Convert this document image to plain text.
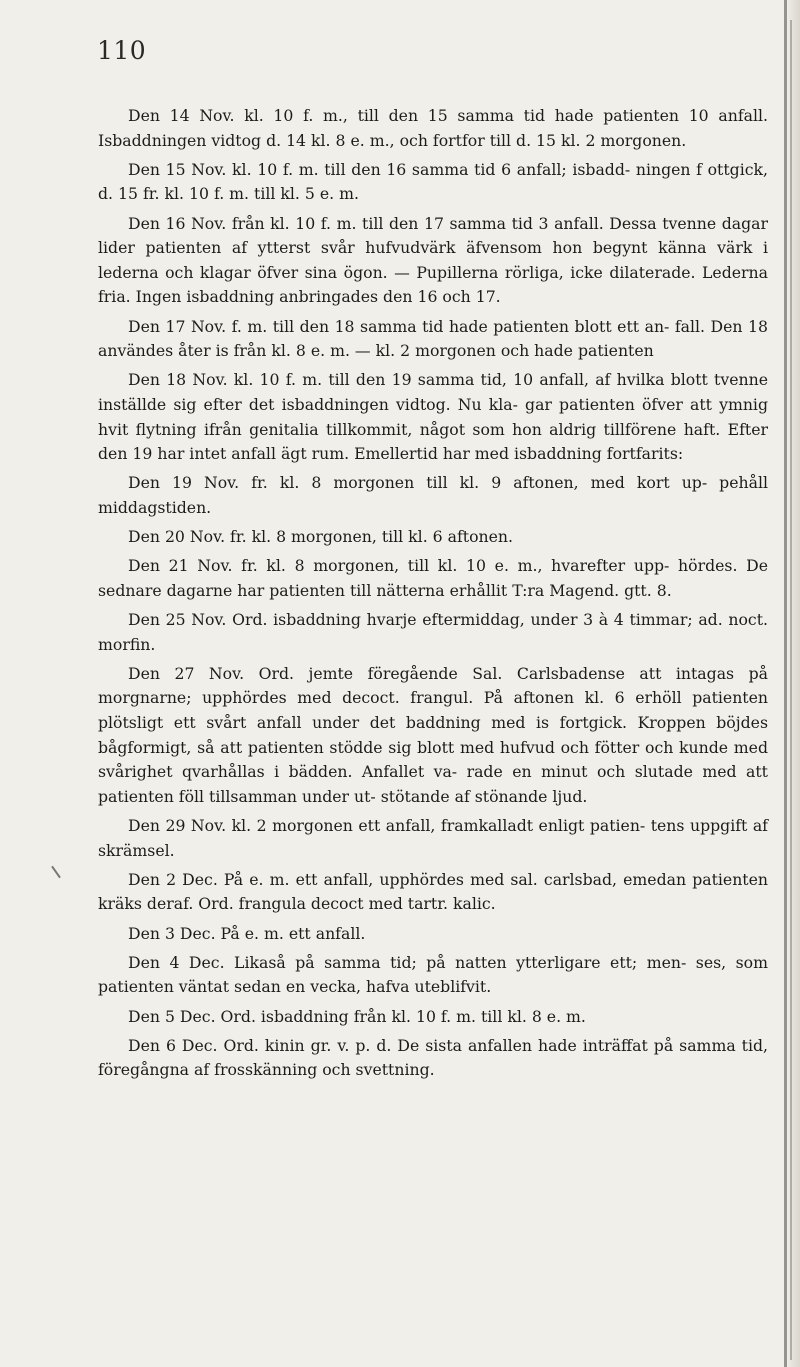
110

Den 14 Nov. kl. 10 f. m., till den 15 samma tid hade patienten 10 anfall. Isbaddningen vidtog d. 14 kl. 8 e. m., och fortfor till d. 15 kl. 2 morgonen.

Den 15 Nov. kl. 10 f. m. till den 16 samma tid 6 anfall; isbadd- ningen f ottgick, d. 15 fr. kl. 10 f. m. till kl. 5 e. m.

Den 16 Nov. från kl. 10 f. m. till den 17 samma tid 3 anfall. Dessa tvenne dagar lider patienten af ytterst svår hufvudvärk äfvensom hon begynt känna värk i lederna och klagar öfver sina ögon. — Pupillerna rörliga, icke dilaterade. Lederna fria. Ingen isbaddning anbringades den 16 och 17.

Den 17 Nov. f. m. till den 18 samma tid hade patienten blott ett an- fall. Den 18 användes åter is från kl. 8 e. m. — kl. 2 morgonen och hade patienten

Den 18 Nov. kl. 10 f. m. till den 19 samma tid, 10 anfall, af hvilka blott tvenne inställde sig efter det isbaddningen vidtog. Nu kla- gar patienten öfver att ymnig hvit flytning ifrån genitalia tillkommit, något som hon aldrig tillförene haft. Efter den 19 har intet anfall ägt rum. Emellertid har med isbaddning fortfarits:

Den 19 Nov. fr. kl. 8 morgonen till kl. 9 aftonen, med kort up- pehåll middagstiden.

Den 20 Nov. fr. kl. 8 morgonen, till kl. 6 aftonen.

Den 21 Nov. fr. kl. 8 morgonen, till kl. 10 e. m., hvarefter upp- hördes. De sednare dagarne har patienten till nätterna erhållit T:ra Magend. gtt. 8.

Den 25 Nov. Ord. isbaddning hvarje eftermiddag, under 3 à 4 timmar; ad. noct. morfin.

Den 27 Nov. Ord. jemte föregående Sal. Carlsbadense att intagas på morgnarne; upphördes med decoct. frangul. På aftonen kl. 6 erhöll patienten plötsligt ett svårt anfall under det baddning med is fortgick. Kroppen böjdes bågformigt, så att patienten stödde sig blott med hufvud och fötter och kunde med svårighet qvarhållas i bädden. Anfallet va- rade en minut och slutade med att patienten föll tillsamman under ut- stötande af stönande ljud.

Den 29 Nov. kl. 2 morgonen ett anfall, framkalladt enligt patien- tens uppgift af skrämsel.

Den 2 Dec. På e. m. ett anfall, upphördes med sal. carlsbad, emedan patienten kräks deraf. Ord. frangula decoct med tartr. kalic.

Den 3 Dec. På e. m. ett anfall.

Den 4 Dec. Likaså på samma tid; på natten ytterligare ett; men- ses, som patienten väntat sedan en vecka, hafva uteblifvit.

Den 5 Dec. Ord. isbaddning från kl. 10 f. m. till kl. 8 e. m.

Den 6 Dec. Ord. kinin gr. v. p. d. De sista anfallen hade inträffat på samma tid, föregångna af frosskänning och svettning.
